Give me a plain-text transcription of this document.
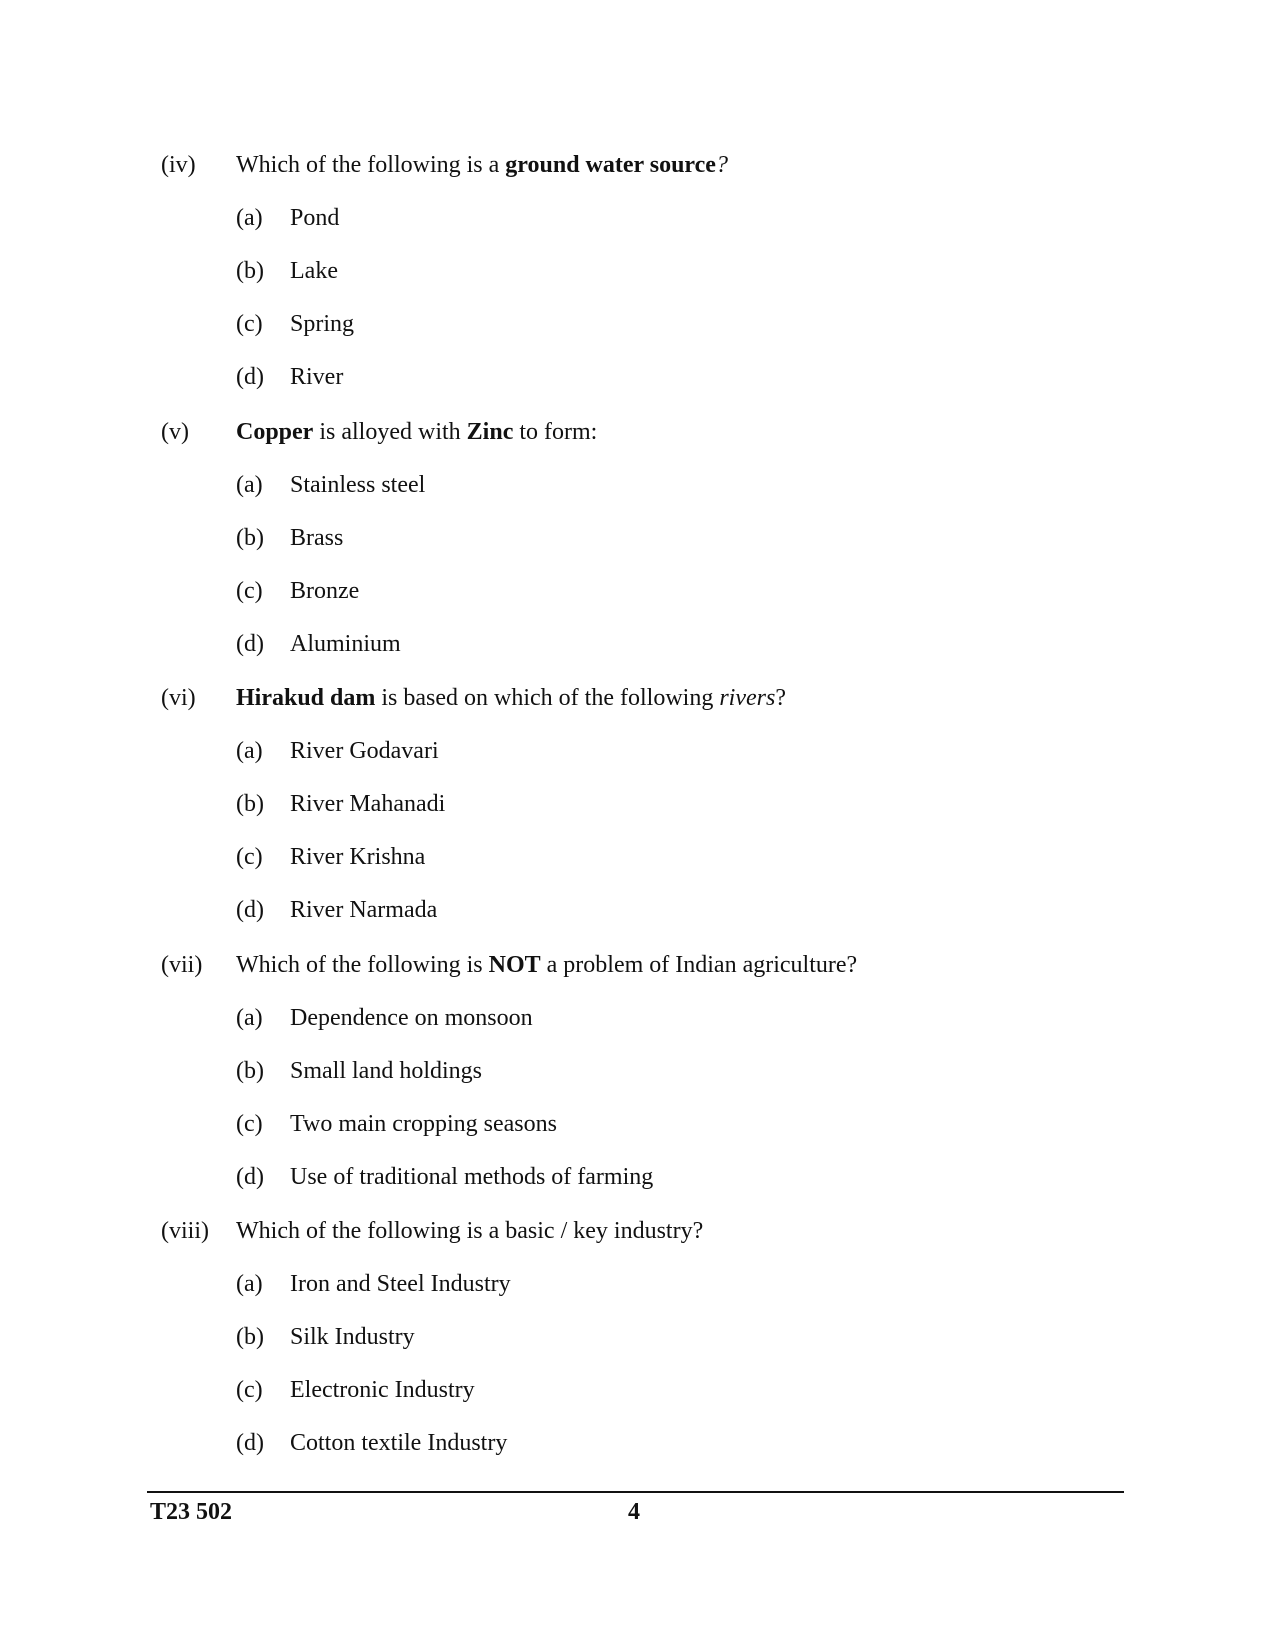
(iv) Which of the following is a ground water source?
(a) Pond
(b) Lake
(c) Spring
(d) River
(v) Copper is alloyed with Zinc to form:
(a) Stainless steel
(b) Brass
(c) Bronze
(d) Aluminium
(vi) Hirakud dam is based on which of the following rivers?
(a) River Godavari
(b) River Mahanadi
(c) River Krishna
(d) River Narmada
(vii) Which of the following is NOT a problem of Indian agriculture?
(a) Dependence on monsoon
(b) Small land holdings
(c) Two main cropping seasons
(d) Use of traditional methods of farming
(viii) Which of the following is a basic / key industry?
(a) Iron and Steel Industry
(b) Silk Industry
(c) Electronic Industry
(d) Cotton textile Industry
T23 502	4
